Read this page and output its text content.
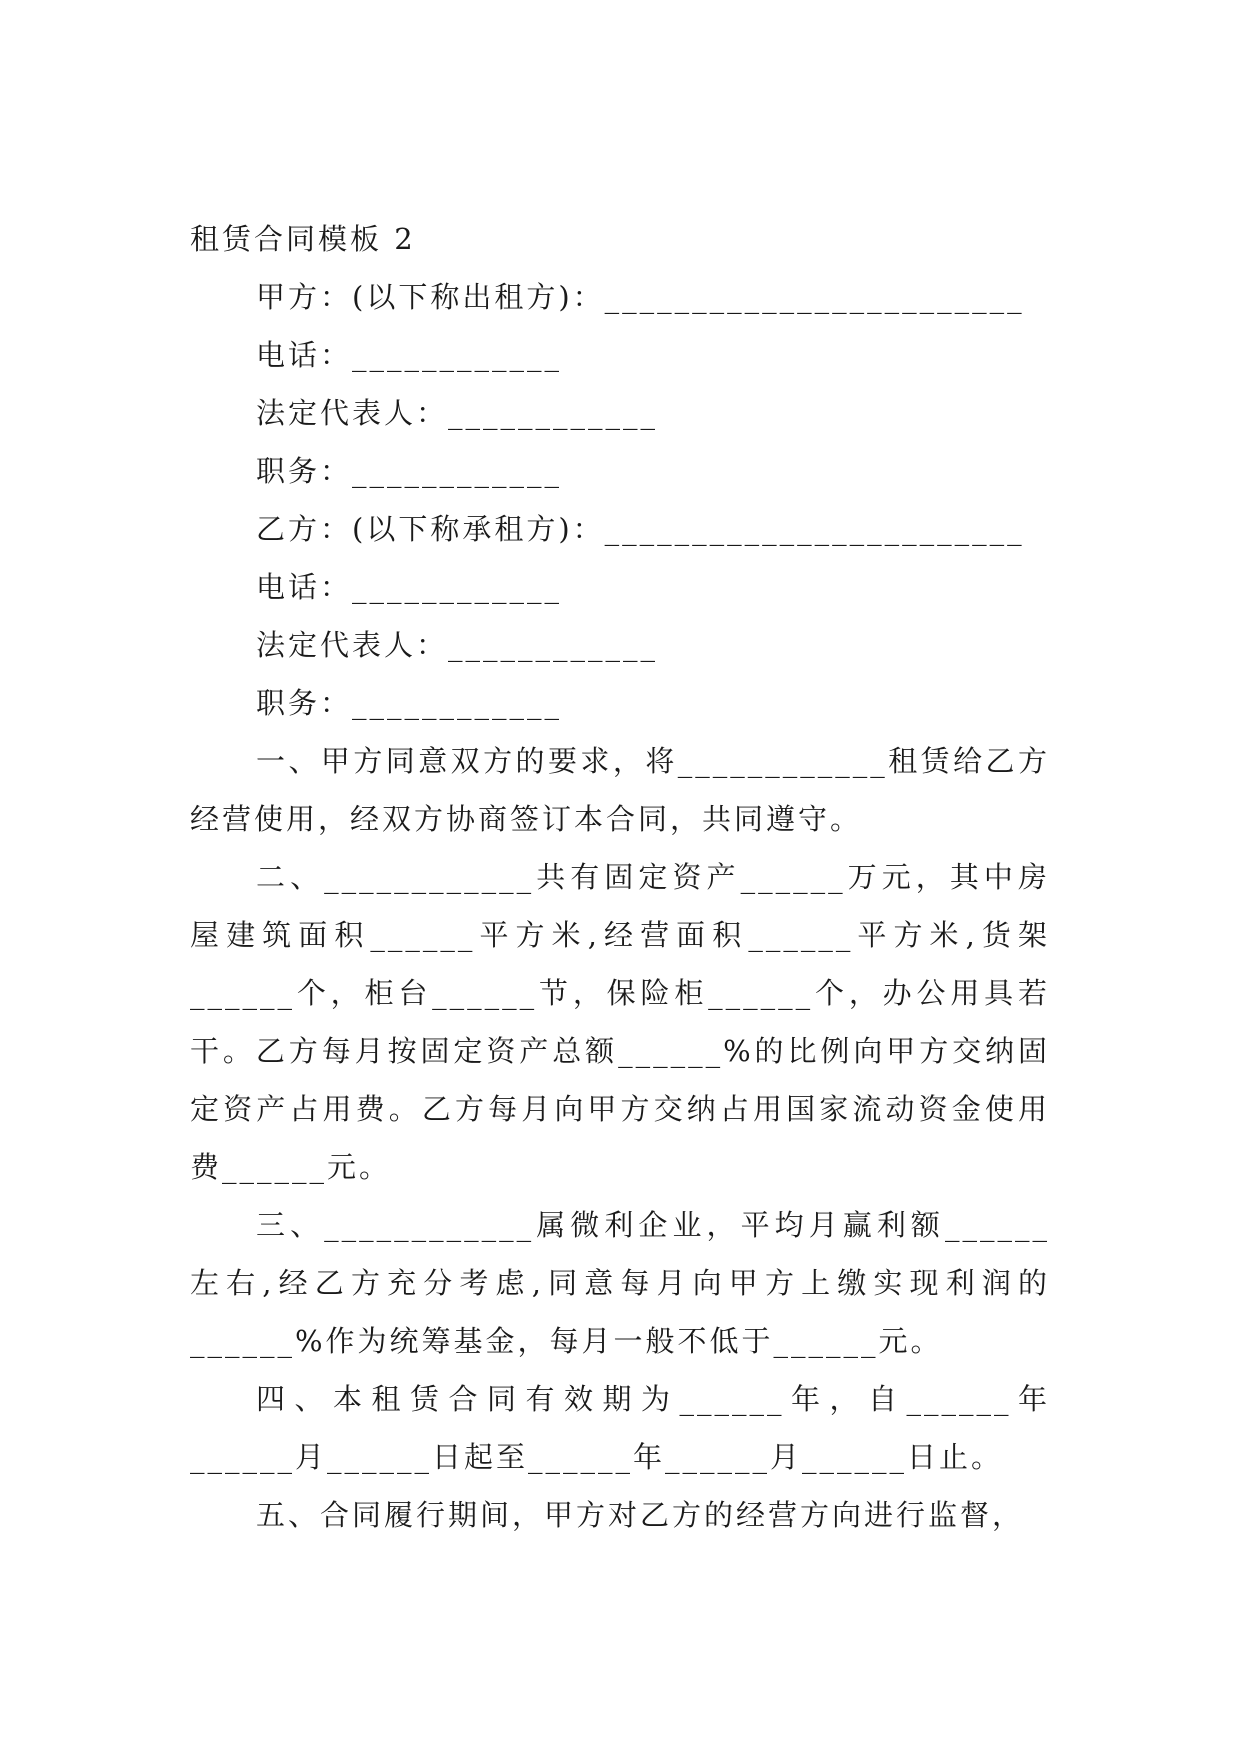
租赁合同模板 2
甲方：(以下称出租方)：________________________
电话：____________
法定代表人：____________
职务：____________
乙方：(以下称承租方)：________________________
电话：____________
法定代表人：____________
职务：____________

一、甲方同意双方的要求，将____________租赁给乙方经营使用，经双方协商签订本合同，共同遵守。

二、____________共有固定资产______万元，其中房屋建筑面积______平方米,经营面积______平方米,货架______个，柜台______节，保险柜______个，办公用具若干。乙方每月按固定资产总额______%的比例向甲方交纳固定资产占用费。乙方每月向甲方交纳占用国家流动资金使用费______元。

三、____________属微利企业，平均月赢利额______左右,经乙方充分考虑,同意每月向甲方上缴实现利润的______%作为统筹基金，每月一般不低于______元。

四、本租赁合同有效期为______年，自______年______月______日起至______年______月______日止。

五、合同履行期间，甲方对乙方的经营方向进行监督，
